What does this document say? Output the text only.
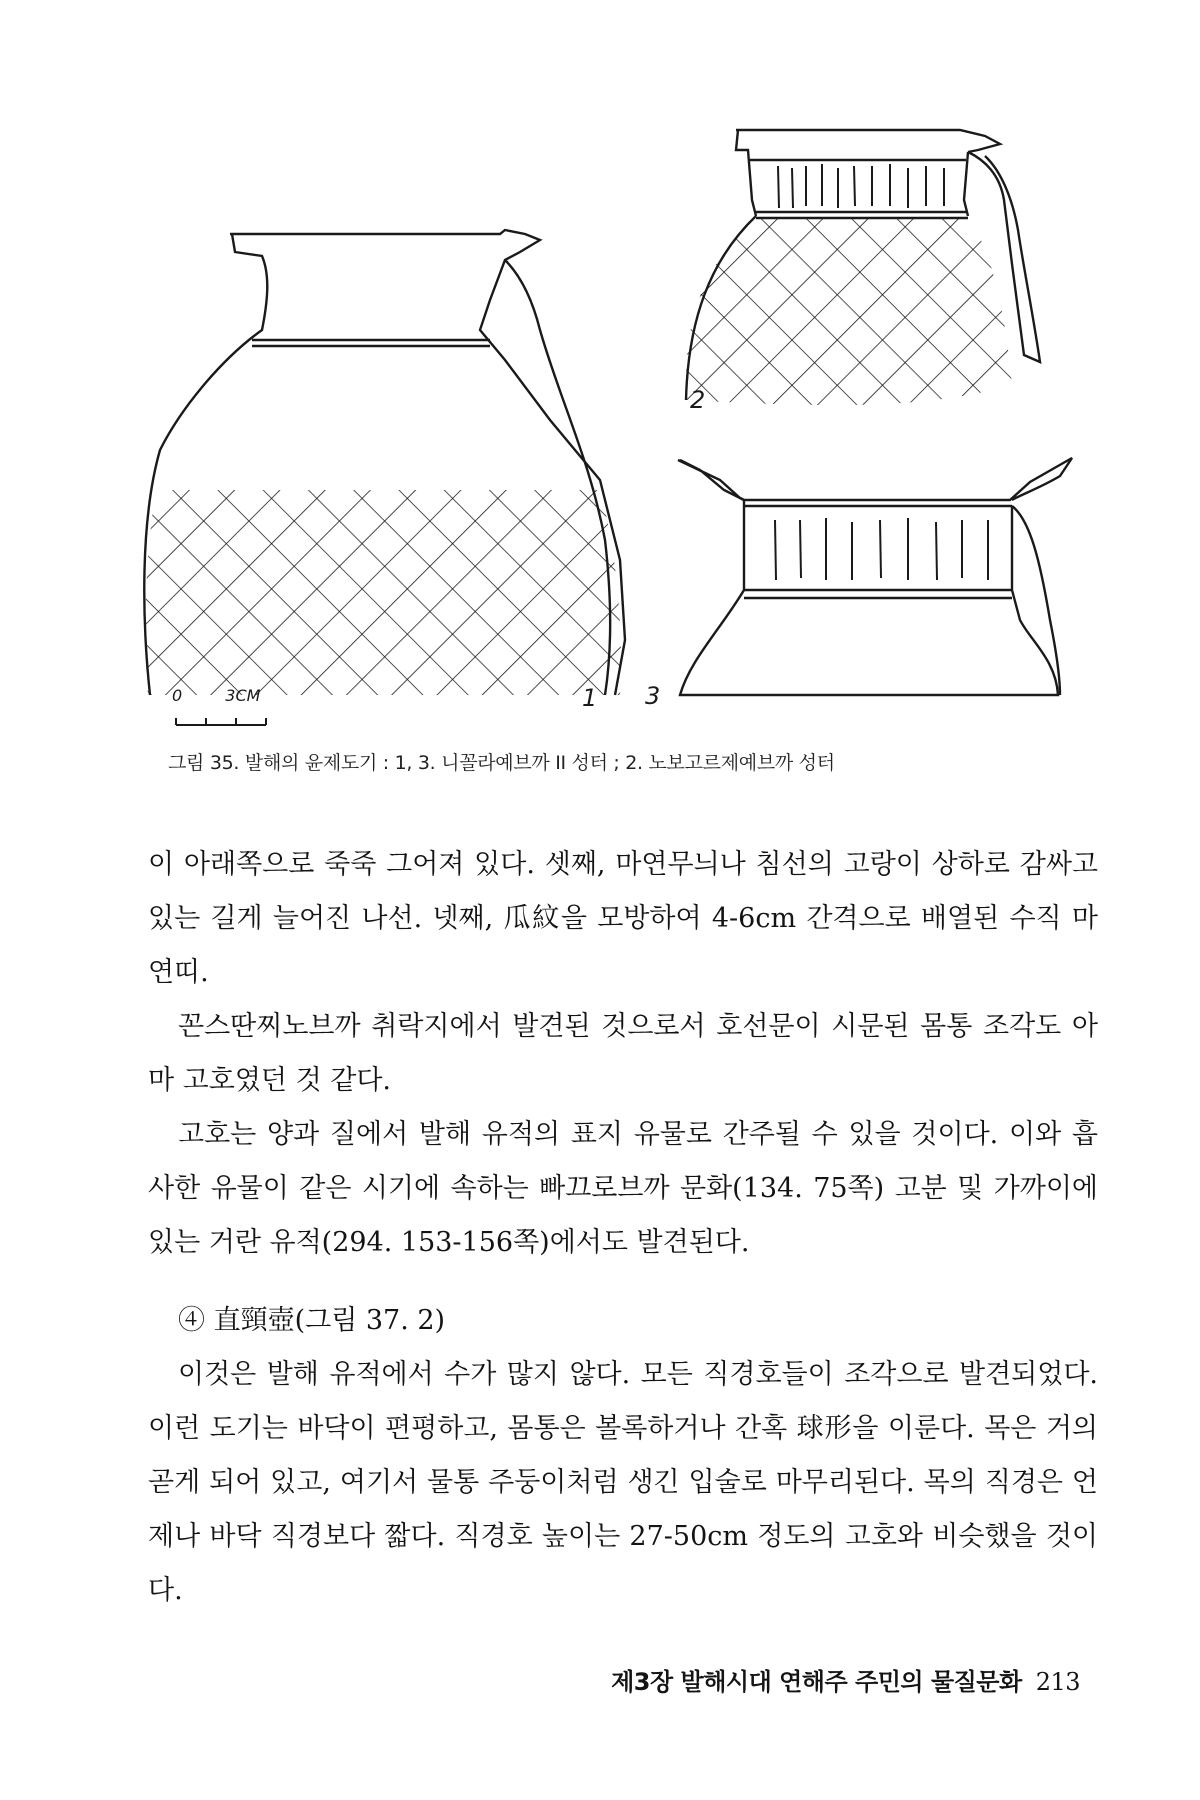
0	3СМ	1
2
3
그림 35. 발해의 윤제도기 : 1, 3. 니꼴라예브까 II 성터 ; 2. 노보고르제예브까 성터

이 아래쪽으로 죽죽 그어져 있다. 셋째, 마연무늬나 침선의 고랑이 상하로 감싸고 있는 길게 늘어진 나선. 넷째, 瓜紋을 모방하여 4-6cm 간격으로 배열된 수직 마연띠.

꼰스딴찌노브까 취락지에서 발견된 것으로서 호선문이 시문된 몸통 조각도 아마 고호였던 것 같다.

고호는 양과 질에서 발해 유적의 표지 유물로 간주될 수 있을 것이다. 이와 흡사한 유물이 같은 시기에 속하는 빠끄로브까 문화(134. 75쪽) 고분 및 가까이에 있는 거란 유적(294. 153-156쪽)에서도 발견된다.

④ 直頸壺(그림 37. 2)

이것은 발해 유적에서 수가 많지 않다. 모든 직경호들이 조각으로 발견되었다. 이런 도기는 바닥이 편평하고, 몸통은 볼록하거나 간혹 球形을 이룬다. 목은 거의 곧게 되어 있고, 여기서 물통 주둥이처럼 생긴 입술로 마무리된다. 목의 직경은 언제나 바닥 직경보다 짧다. 직경호 높이는 27-50cm 정도의 고호와 비슷했을 것이다.

제3장 발해시대 연해주 주민의 물질문화 213
